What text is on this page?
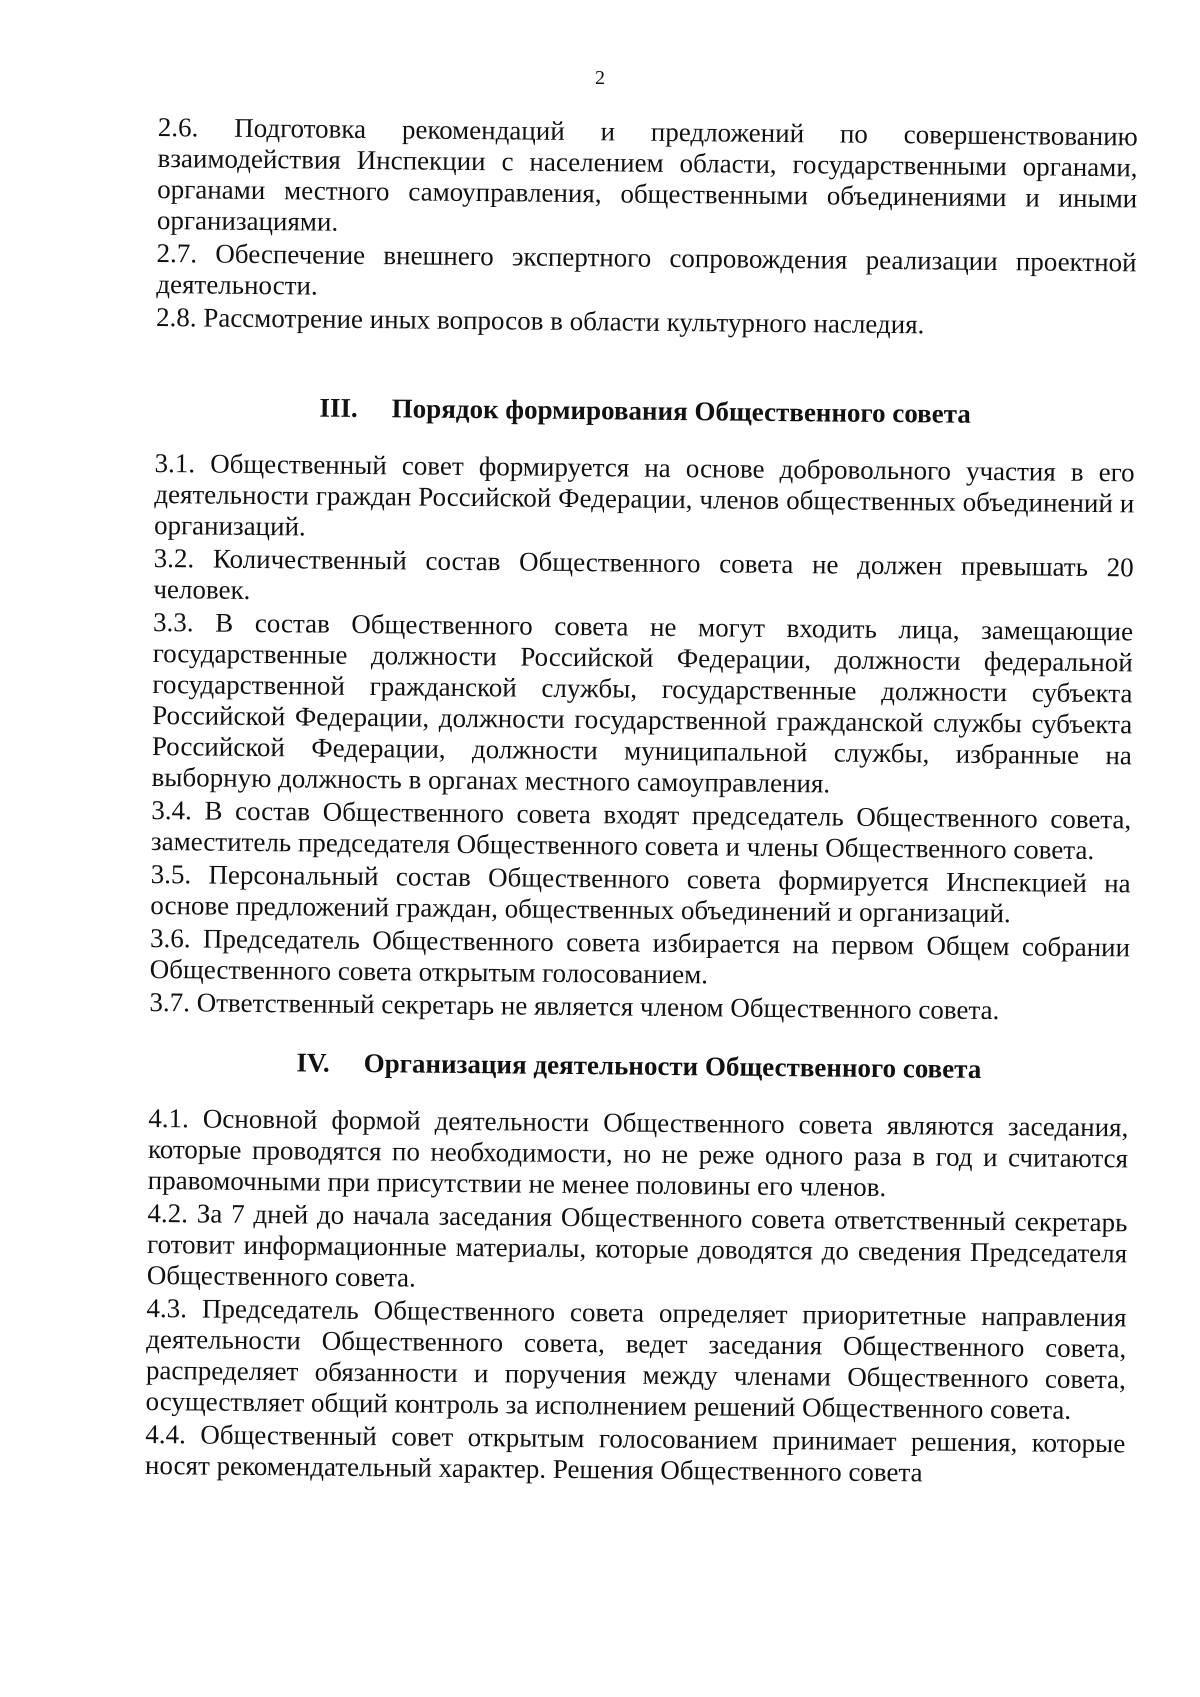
2

2.6. Подготовка рекомендаций и предложений по совершенствованию взаимодействия Инспекции с населением области, государственными органами, органами местного самоуправления, общественными объединениями и иными организациями.

2.7. Обеспечение внешнего экспертного сопровождения реализации проектной деятельности.

2.8. Рассмотрение иных вопросов в области культурного наследия.

III. Порядок формирования Общественного совета

3.1. Общественный совет формируется на основе добровольного участия в его деятельности граждан Российской Федерации, членов общественных объединений и организаций.

3.2. Количественный состав Общественного совета не должен превышать 20 человек.

3.3. В состав Общественного совета не могут входить лица, замещающие государственные должности Российской Федерации, должности федеральной государственной гражданской службы, государственные должности субъекта Российской Федерации, должности государственной гражданской службы субъекта Российской Федерации, должности муниципальной службы, избранные на выборную должность в органах местного самоуправления.

3.4. В состав Общественного совета входят председатель Общественного совета, заместитель председателя Общественного совета и члены Общественного совета.

3.5. Персональный состав Общественного совета формируется Инспекцией на основе предложений граждан, общественных объединений и организаций.

3.6. Председатель Общественного совета избирается на первом Общем собрании Общественного совета открытым голосованием.

3.7. Ответственный секретарь не является членом Общественного совета.

IV. Организация деятельности Общественного совета

4.1. Основной формой деятельности Общественного совета являются заседания, которые проводятся по необходимости, но не реже одного раза в год и считаются правомочными при присутствии не менее половины его членов.

4.2. За 7 дней до начала заседания Общественного совета ответственный секретарь готовит информационные материалы, которые доводятся до сведения Председателя Общественного совета.

4.3. Председатель Общественного совета определяет приоритетные направления деятельности Общественного совета, ведет заседания Общественного совета, распределяет обязанности и поручения между членами Общественного совета, осуществляет общий контроль за исполнением решений Общественного совета.

4.4. Общественный совет открытым голосованием принимает решения, которые носят рекомендательный характер. Решения Общественного совета
